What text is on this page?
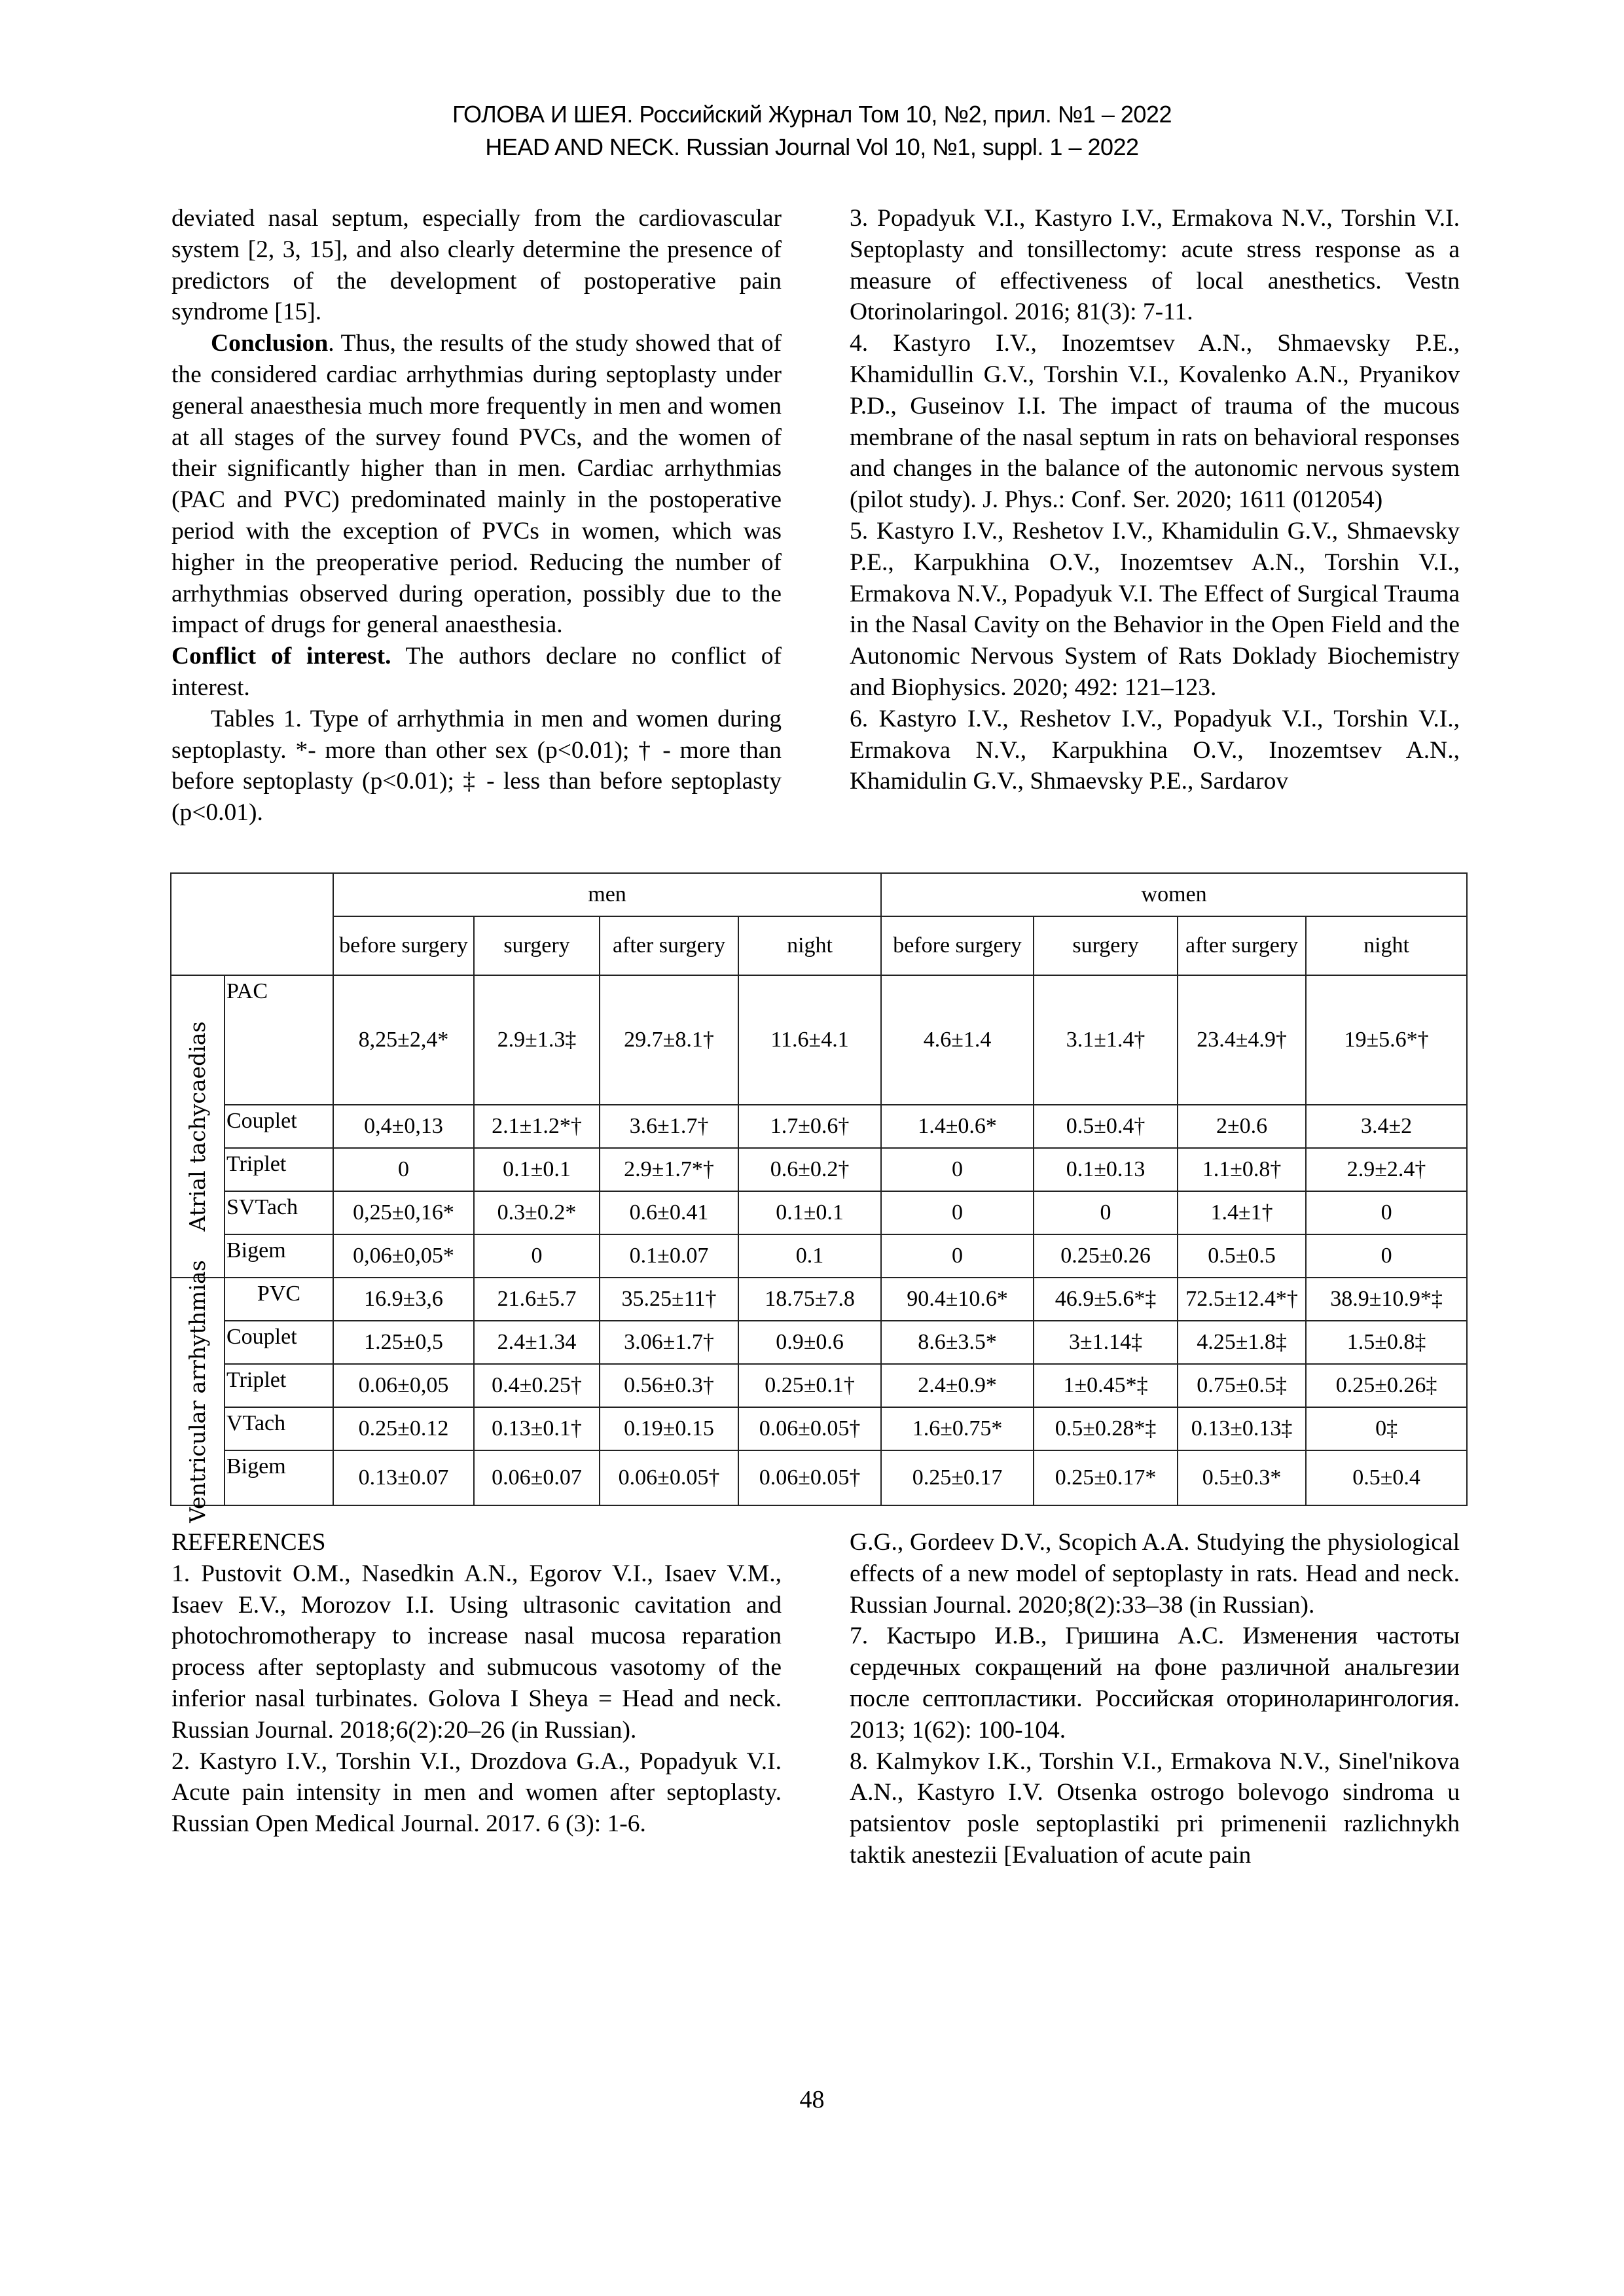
ГОЛОВА И ШЕЯ. Российский Журнал Том 10, №2, прил. №1 – 2022
HEAD AND NECK. Russian Journal Vol 10, №1, suppl. 1 – 2022

deviated nasal septum, especially from the cardiovascular system [2, 3, 15], and also clearly determine the presence of predictors of the development of postoperative pain syndrome [15].

Conclusion. Thus, the results of the study showed that of the considered cardiac arrhythmias during septoplasty under general anaesthesia much more frequently in men and women at all stages of the survey found PVCs, and the women of their significantly higher than in men. Cardiac arrhythmias (PAC and PVC) predominated mainly in the postoperative period with the exception of PVCs in women, which was higher in the preoperative period. Reducing the number of arrhythmias observed during operation, possibly due to the impact of drugs for general anaesthesia.

Conflict of interest. The authors declare no conflict of interest.

Tables 1. Type of arrhythmia in men and women during septoplasty. *- more than other sex (p<0.01); † - more than before septoplasty (p<0.01); ‡ - less than before septoplasty (p<0.01).

3. Popadyuk V.I., Kastyro I.V., Ermakova N.V., Torshin V.I. Septoplasty and tonsillectomy: acute stress response as a measure of effectiveness of local anesthetics. Vestn Otorinolaringol. 2016; 81(3): 7-11.

4. Kastyro I.V., Inozemtsev A.N., Shmaevsky P.E., Khamidullin G.V., Torshin V.I., Kovalenko A.N., Pryanikov P.D., Guseinov I.I. The impact of trauma of the mucous membrane of the nasal septum in rats on behavioral responses and changes in the balance of the autonomic nervous system (pilot study). J. Phys.: Conf. Ser. 2020; 1611 (012054)

5. Kastyro I.V., Reshetov I.V., Khamidulin G.V., Shmaevsky P.E., Karpukhina O.V., Inozemtsev A.N., Torshin V.I., Ermakova N.V., Popadyuk V.I. The Effect of Surgical Trauma in the Nasal Cavity on the Behavior in the Open Field and the Autonomic Nervous System of Rats Doklady Biochemistry and Biophysics. 2020; 492: 121–123.

6. Kastyro I.V., Reshetov I.V., Popadyuk V.I., Torshin V.I., Ermakova N.V., Karpukhina O.V., Inozemtsev A.N., Khamidulin G.V., Shmaevsky P.E., Sardarov

		men				women			
		before surgery	surgery	after surgery	night	before surgery	surgery	after surgery	night

Atrial tachycaedias	PAC	8,25±2,4*	2.9±1.3‡	29.7±8.1†	11.6±4.1	4.6±1.4	3.1±1.4†	23.4±4.9†	19±5.6*†
	Couplet	0,4±0,13	2.1±1.2*†	3.6±1.7†	1.7±0.6†	1.4±0.6*	0.5±0.4†	2±0.6	3.4±2
	Triplet	0	0.1±0.1	2.9±1.7*†	0.6±0.2†	0	0.1±0.13	1.1±0.8†	2.9±2.4†
	SVTach	0,25±0,16*	0.3±0.2*	0.6±0.41	0.1±0.1	0	0	1.4±1†	0
	Bigem	0,06±0,05*	0	0.1±0.07	0.1	0	0.25±0.26	0.5±0.5	0

Ventricular arrhythmias	PVC	16.9±3,6	21.6±5.7	35.25±11†	18.75±7.8	90.4±10.6*	46.9±5.6*‡	72.5±12.4*†	38.9±10.9*‡
	Couplet	1.25±0,5	2.4±1.34	3.06±1.7†	0.9±0.6	8.6±3.5*	3±1.14‡	4.25±1.8‡	1.5±0.8‡
	Triplet	0.06±0,05	0.4±0.25†	0.56±0.3†	0.25±0.1†	2.4±0.9*	1±0.45*‡	0.75±0.5‡	0.25±0.26‡
	VTach	0.25±0.12	0.13±0.1†	0.19±0.15	0.06±0.05†	1.6±0.75*	0.5±0.28*‡	0.13±0.13‡	0‡
	Bigem	0.13±0.07	0.06±0.07	0.06±0.05†	0.06±0.05†	0.25±0.17	0.25±0.17*	0.5±0.3*	0.5±0.4

REFERENCES

1. Pustovit O.M., Nasedkin A.N., Egorov V.I., Isaev V.M., Isaev E.V., Morozov I.I. Using ultrasonic cavitation and photochromotherapy to increase nasal mucosa reparation process after septoplasty and submucous vasotomy of the inferior nasal turbinates. Golova I Sheya = Head and neck. Russian Journal. 2018;6(2):20–26 (in Russian).

2. Kastyro I.V., Torshin V.I., Drozdova G.A., Popadyuk V.I. Acute pain intensity in men and women after septoplasty. Russian Open Medical Journal. 2017. 6 (3): 1-6.

G.G., Gordeev D.V., Scopich A.A. Studying the physiological effects of a new model of septoplasty in rats. Head and neck. Russian Journal. 2020;8(2):33–38 (in Russian).

7. Кастыро И.В., Гришина А.С. Изменения частоты сердечных сокращений на фоне различной анальгезии после септопластики. Российская оториноларингология. 2013; 1(62): 100-104.

8. Kalmykov I.K., Torshin V.I., Ermakova N.V., Sinel'nikova A.N., Kastyro I.V. Otsenka ostrogo bolevogo sindroma u patsientov posle septoplastiki pri primenenii razlichnykh taktik anestezii [Evaluation of acute pain

48
